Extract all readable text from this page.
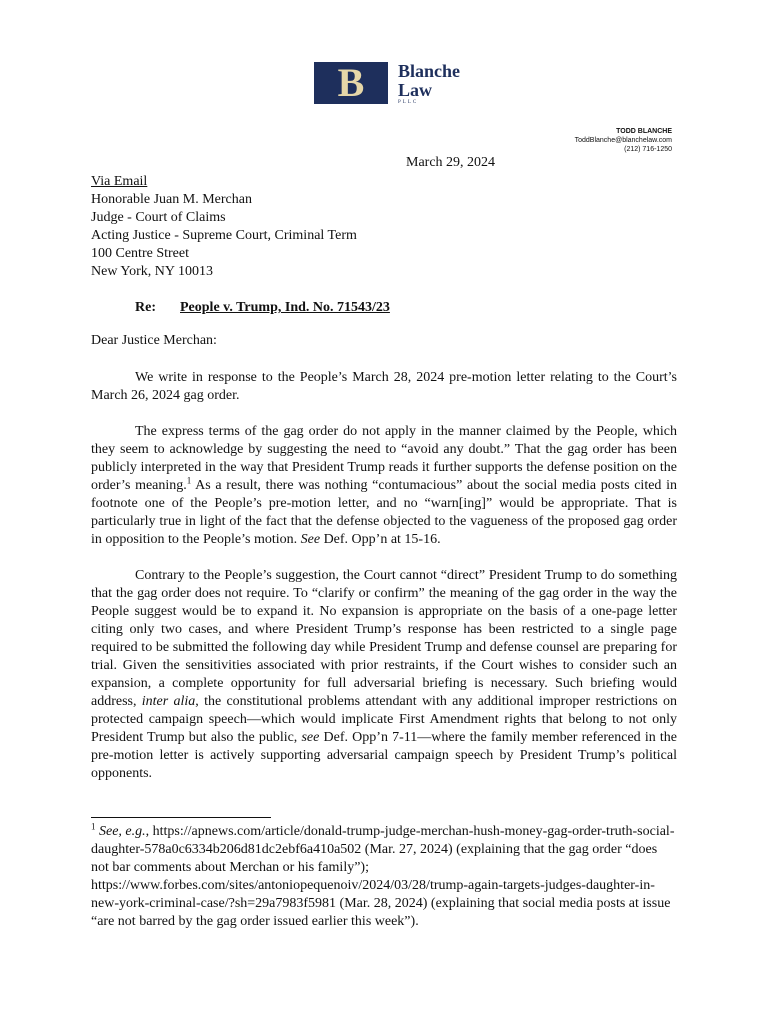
B Blanche
Law
PLLC
TODD BLANCHE
ToddBlanche@blanchelaw.com
(212) 716-1250
March 29, 2024
Via Email
Honorable Juan M. Merchan
Judge - Court of Claims
Acting Justice - Supreme Court, Criminal Term
100 Centre Street
New York, NY 10013
Re: People v. Trump, Ind. No. 71543/23
Dear Justice Merchan:

We write in response to the People’s March 28, 2024 pre-motion letter relating to the Court’s March 26, 2024 gag order.

The express terms of the gag order do not apply in the manner claimed by the People, which they seem to acknowledge by suggesting the need to “avoid any doubt.” That the gag order has been publicly interpreted in the way that President Trump reads it further supports the defense position on the order’s meaning.$^1$ As a result, there was nothing “contumacious” about the social media posts cited in footnote one of the People’s pre-motion letter, and no “warn[ing]” would be appropriate. That is particularly true in light of the fact that the defense objected to the vagueness of the proposed gag order in opposition to the People’s motion. See Def. Opp’n at 15-16.

Contrary to the People’s suggestion, the Court cannot “direct” President Trump to do something that the gag order does not require. To “clarify or confirm” the meaning of the gag order in the way the People suggest would be to expand it. No expansion is appropriate on the basis of a one-page letter citing only two cases, and where President Trump’s response has been restricted to a single page required to be submitted the following day while President Trump and defense counsel are preparing for trial. Given the sensitivities associated with prior restraints, if the Court wishes to consider such an expansion, a complete opportunity for full adversarial briefing is necessary. Such briefing would address, inter alia, the constitutional problems attendant with any additional improper restrictions on protected campaign speech—which would implicate First Amendment rights that belong to not only President Trump but also the public, see Def. Opp’n 7-11—where the family member referenced in the pre-motion letter is actively supporting adversarial campaign speech by President Trump’s political opponents.

$^1$ See, e.g., https://apnews.com/article/donald-trump-judge-merchan-hush-money-gag-order-truth-social-daughter-578a0c6334b206d81dc2ebf6a410a502 (Mar. 27, 2024) (explaining that the gag order “does not bar comments about Merchan or his family”); https://www.forbes.com/sites/antoniopequenoiv/2024/03/28/trump-again-targets-judges-daughter-in-new-york-criminal-case/?sh=29a7983f5981 (Mar. 28, 2024) (explaining that social media posts at issue “are not barred by the gag order issued earlier this week”).
